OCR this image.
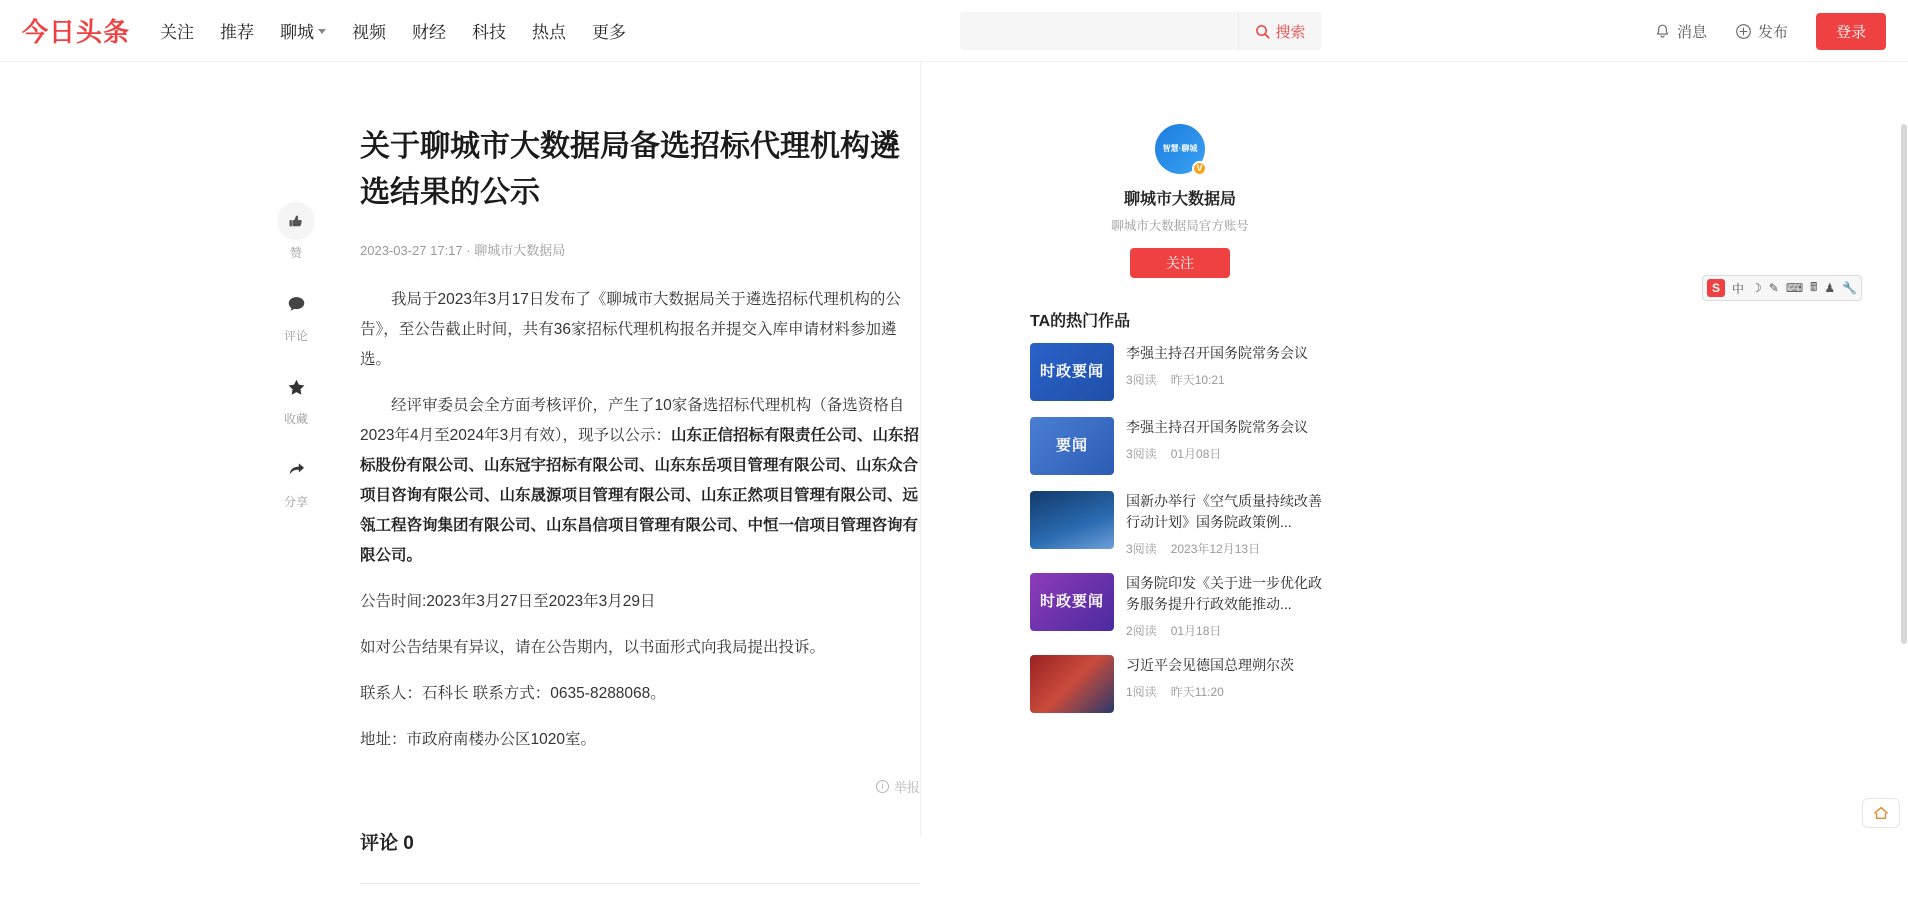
今日头条 关注 推荐 聊城 视频 财经 科技 热点 更多	搜索	消息	发布	登录
赞
评论
收藏
分享
关于聊城市大数据局备选招标代理机构遴选结果的公示
2023-03-27 17:17 · 聊城市大数据局

我局于2023年3月17日发布了《聊城市大数据局关于遴选招标代理机构的公告》，至公告截止时间，共有36家招标代理机构报名并提交入库申请材料参加遴选。

经评审委员会全方面考核评价，产生了10家备选招标代理机构（备选资格自2023年4月至2024年3月有效），现予以公示：山东正信招标有限责任公司、山东招标股份有限公司、山东冠宇招标有限公司、山东东岳项目管理有限公司、山东众合项目咨询有限公司、山东晟源项目管理有限公司、山东正然项目管理有限公司、远瓴工程咨询集团有限公司、山东昌信项目管理有限公司、中恒一信项目管理咨询有限公司。

公告时间:2023年3月27日至2023年3月29日

如对公告结果有异议，请在公告期内，以书面形式向我局提出投诉。

联系人：石科长 联系方式：0635-8288068。

地址：市政府南楼办公区1020室。

i 举报
评论 0
智慧·聊城
V
聊城市大数据局
聊城市大数据局官方账号
关注
TA的热门作品
时政要闻
李强主持召开国务院常务会议
3阅读 昨天10:21
要闻
李强主持召开国务院常务会议
3阅读 01月08日
国新办举行《空气质量持续改善行动计划》国务院政策例...
3阅读 2023年12月13日
时政要闻
国务院印发《关于进一步优化政务服务提升行政效能推动...
2阅读 01月18日
习近平会见德国总理朔尔茨
1阅读 昨天11:20
S	中 ☽ ✎ ⌨ 🖩 ♟ 🔧
